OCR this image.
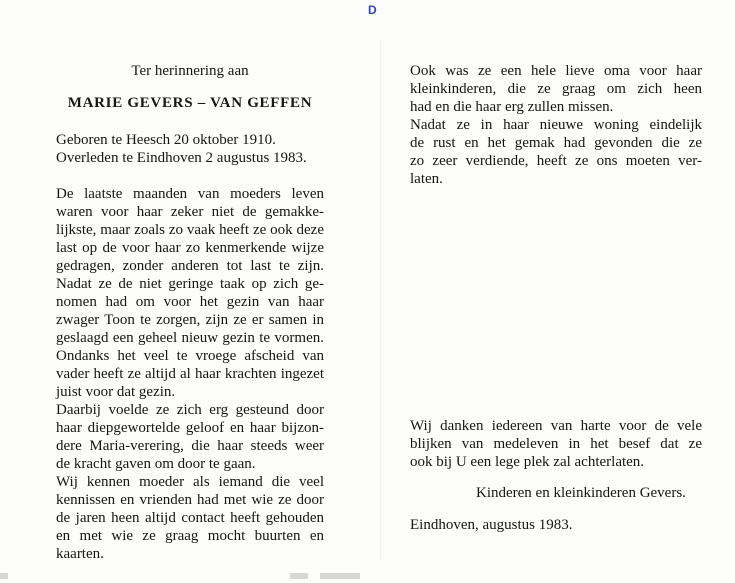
D
Ter herinnering aan
MARIE GEVERS – VAN GEFFEN
Geboren te Heesch 20 oktober 1910.
Overleden te Eindhoven 2 augustus 1983.
De laatste maanden van moeders leven
waren voor haar zeker niet de gemakke-
lijkste, maar zoals zo vaak heeft ze ook deze
last op de voor haar zo kenmerkende wijze
gedragen, zonder anderen tot last te zijn.
Nadat ze de niet geringe taak op zich ge-
nomen had om voor het gezin van haar
zwager Toon te zorgen, zijn ze er samen in
geslaagd een geheel nieuw gezin te vormen.
Ondanks het veel te vroege afscheid van
vader heeft ze altijd al haar krachten ingezet
juist voor dat gezin.
Daarbij voelde ze zich erg gesteund door
haar diepgewortelde geloof en haar bijzon-
dere Maria-verering, die haar steeds weer
de kracht gaven om door te gaan.
Wij kennen moeder als iemand die veel
kennissen en vrienden had met wie ze door
de jaren heen altijd contact heeft gehouden
en met wie ze graag mocht buurten en
kaarten.
Ook was ze een hele lieve oma voor haar
kleinkinderen, die ze graag om zich heen
had en die haar erg zullen missen.
Nadat ze in haar nieuwe woning eindelijk
de rust en het gemak had gevonden die ze
zo zeer verdiende, heeft ze ons moeten ver-
laten.
Wij danken iedereen van harte voor de vele
blijken van medeleven in het besef dat ze
ook bij U een lege plek zal achterlaten.
Kinderen en kleinkinderen Gevers.
Eindhoven, augustus 1983.
